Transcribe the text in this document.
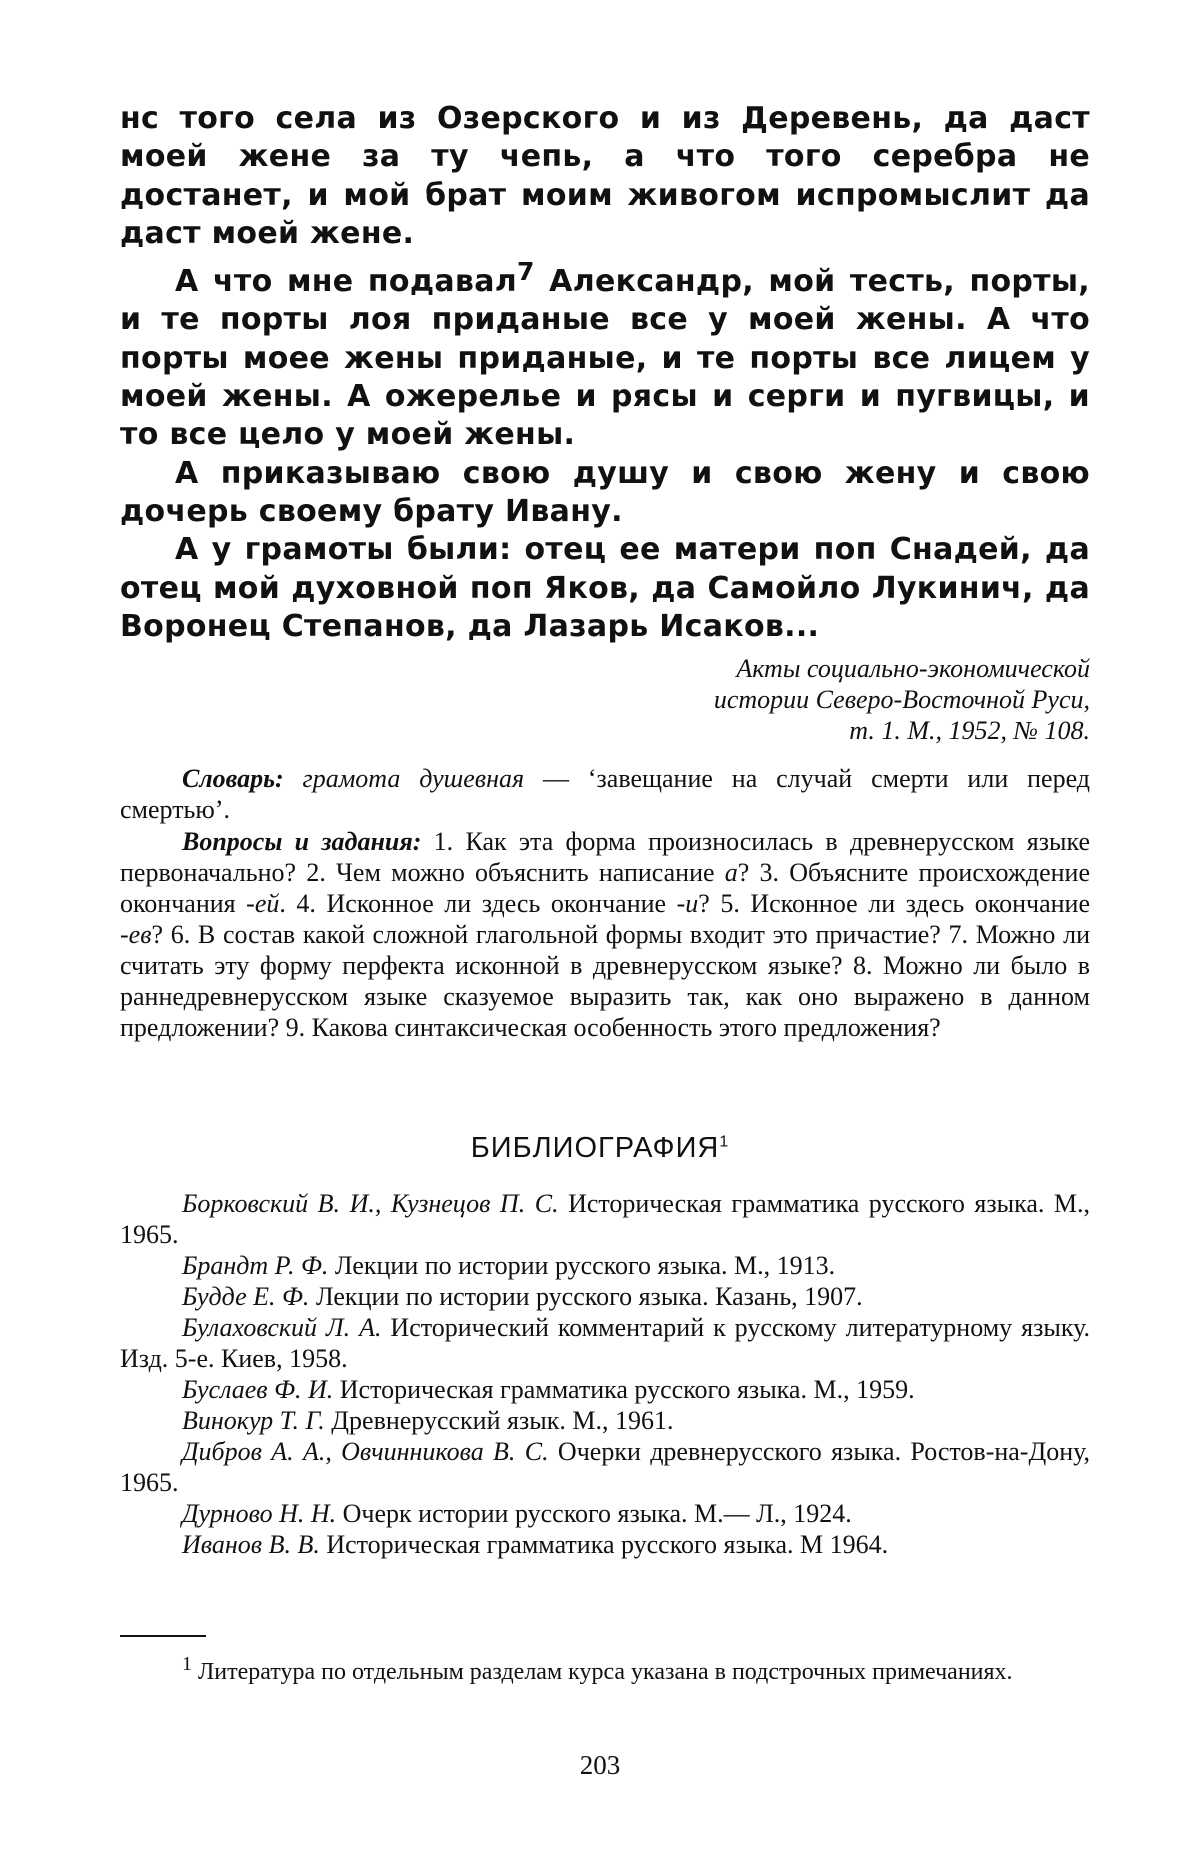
нс того села из Озерского и из Деревень, да даст моей жене за ту чепь, а что того серебра не достанет, и мой брат моим живогом испромыслит да даст моей жене.

А что мне подавал$^7$ Александр, мой тесть, порты, и те порты лоя приданые все у моей жены. А что порты моее жены приданые, и те порты все лицем у моей жены. А ожерелье и рясы и серги и пугвицы, и то все цело у моей жены.

А приказываю свою душу и свою жену и свою дочерь своему брату Ивану.

А у грамоты были: отец ее матери поп Снадей, да отец мой духовной поп Яков, да Самойло Лукинич, да Воронец Степанов, да Лазарь Исаков...

Акты социально-экономической
истории Северо-Восточной Руси,
т. 1. М., 1952, № 108.

Словарь: грамота душевная — ‘завещание на случай смерти или перед смертью’.

Вопросы и задания: 1. Как эта форма произносилась в древнерусском языке первоначально? 2. Чем можно объяснить написание а? 3. Объясните происхождение окончания -ей. 4. Исконное ли здесь окончание -и? 5. Исконное ли здесь окончание -ев? 6. В состав какой сложной глагольной формы входит это причастие? 7. Можно ли считать эту форму перфекта исконной в древнерусском языке? 8. Можно ли было в раннедревнерусском языке сказуемое выразить так, как оно выражено в данном предложении? 9. Какова синтаксическая особенность этого предложения?

БИБЛИОГРАФИЯ$^1$

Борковский В. И., Кузнецов П. С. Историческая грамматика русского языка. М., 1965.

Брандт Р. Ф. Лекции по истории русского языка. М., 1913.

Будде Е. Ф. Лекции по истории русского языка. Казань, 1907.

Булаховский Л. А. Исторический комментарий к русскому литературному языку. Изд. 5-е. Киев, 1958.

Буслаев Ф. И. Историческая грамматика русского языка. М., 1959.

Винокур Т. Г. Древнерусский язык. М., 1961.

Дибров А. А., Овчинникова В. С. Очерки древнерусского языка. Ростов-на-Дону, 1965.

Дурново Н. Н. Очерк истории русского языка. М.— Л., 1924.

Иванов В. В. Историческая грамматика русского языка. М 1964.

$^1$ Литература по отдельным разделам курса указана в подстрочных примечаниях.
203
